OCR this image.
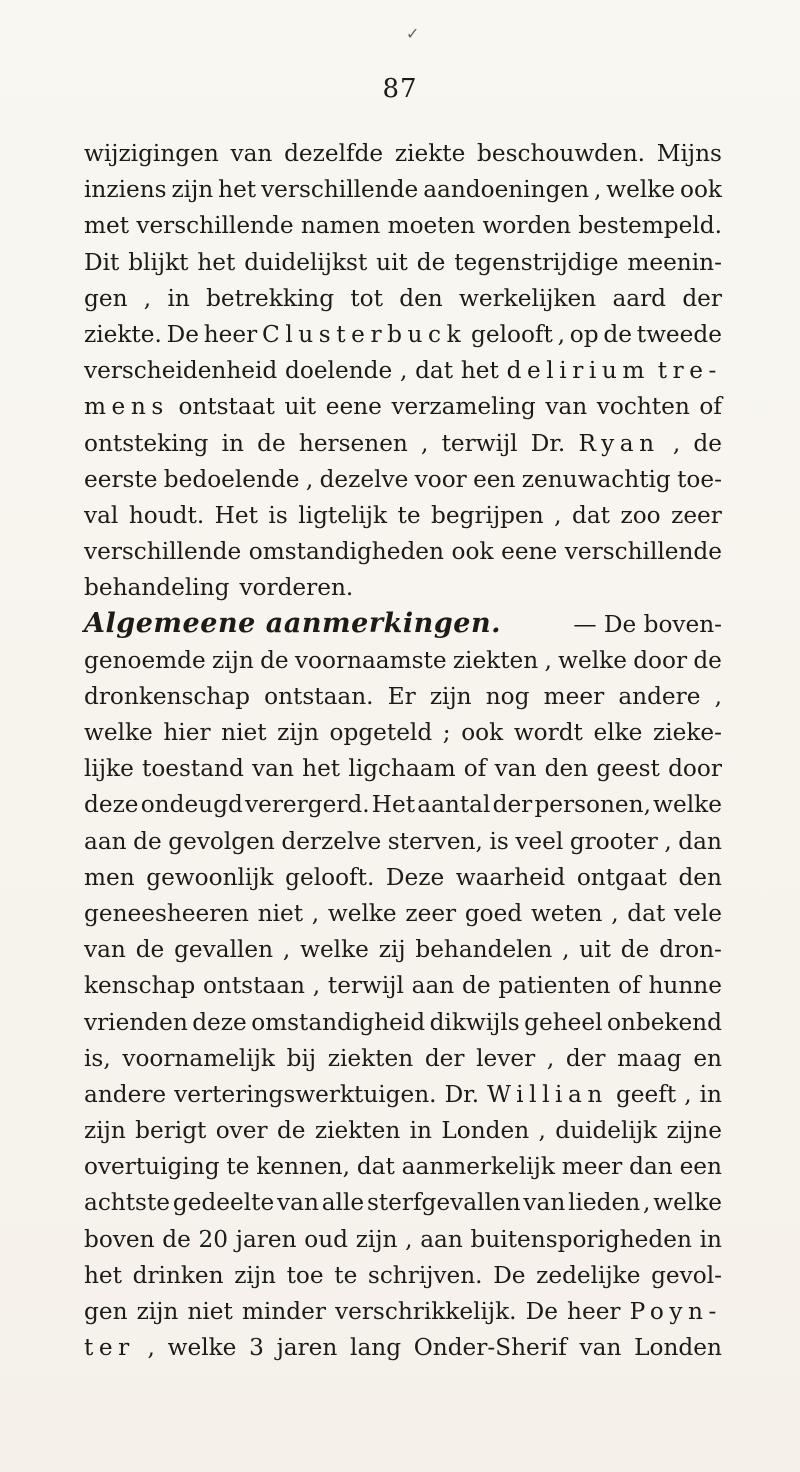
✓
87
wijzigingen van dezelfde ziekte beschouwden. Mijns
inziens zijn het verschillende aandoeningen , welke ook
met verschillende namen moeten worden bestempeld.
Dit blijkt het duidelijkst uit de tegenstrijdige meenin-
gen , in betrekking tot den werkelijken aard der
ziekte. De heer Clusterbuck gelooft , op de tweede
verscheidenheid doelende , dat het delirium tre-
mens ontstaat uit eene verzameling van vochten of
ontsteking in de hersenen , terwijl Dr. Ryan , de
eerste bedoelende , dezelve voor een zenuwachtig toe-
val houdt. Het is ligtelijk te begrijpen , dat zoo zeer
verschillende omstandigheden ook eene verschillende
behandeling vorderen.
Algemeene aanmerkingen.	— De boven-
genoemde zijn de voornaamste ziekten , welke door de
dronkenschap ontstaan. Er zijn nog meer andere ,
welke hier niet zijn opgeteld ; ook wordt elke zieke-
lijke toestand van het ligchaam of van den geest door
deze ondeugd verergerd. Het aantal der personen, welke
aan de gevolgen derzelve sterven, is veel grooter , dan
men gewoonlijk gelooft. Deze waarheid ontgaat den
geneesheeren niet , welke zeer goed weten , dat vele
van de gevallen , welke zij behandelen , uit de dron-
kenschap ontstaan , terwijl aan de patienten of hunne
vrienden deze omstandigheid dikwijls geheel onbekend
is, voornamelijk bij ziekten der lever , der maag en
andere verteringswerktuigen. Dr. Willian geeft , in
zijn berigt over de ziekten in Londen , duidelijk zijne
overtuiging te kennen, dat aanmerkelijk meer dan een
achtste gedeelte van alle sterfgevallen van lieden , welke
boven de 20 jaren oud zijn , aan buitensporigheden in
het drinken zijn toe te schrijven. De zedelijke gevol-
gen zijn niet minder verschrikkelijk. De heer Poyn-
ter , welke 3 jaren lang Onder-Sherif van Londen
